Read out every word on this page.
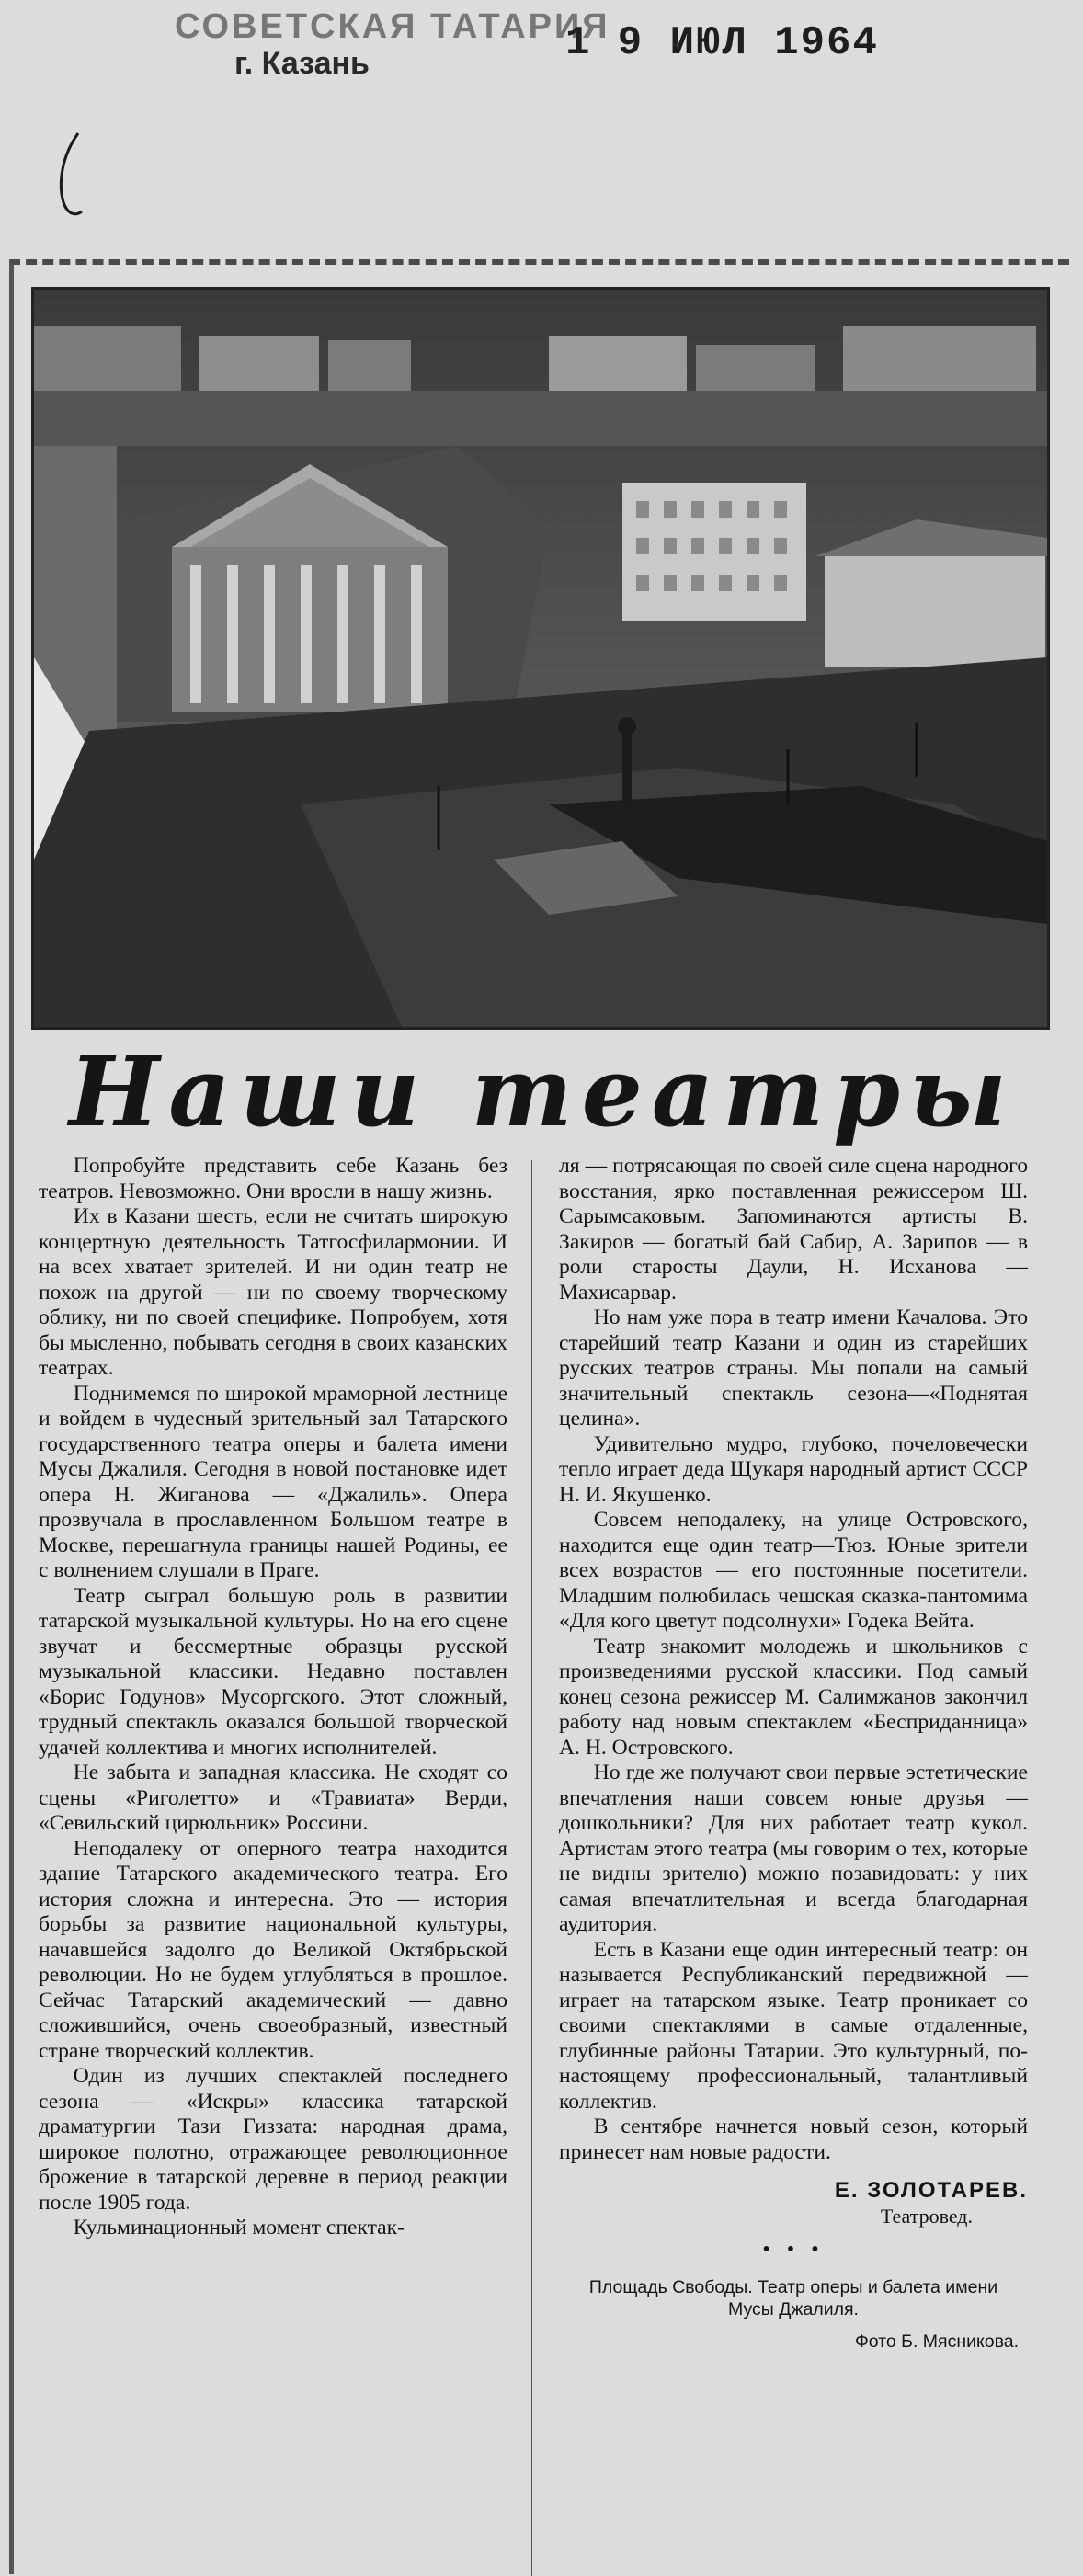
СОВЕТСКАЯ ТАТАРИЯ
г. Казань	1 9 ИЮЛ 1964
Наши театры

Попробуйте представить себе Казань без театров. Невозможно. Они вросли в нашу жизнь.

Их в Казани шесть, если не считать широкую концертную деятельность Татгосфилармонии. И на всех хватает зрителей. И ни один театр не похож на другой — ни по своему творческому облику, ни по своей специфике. Попробуем, хотя бы мысленно, побывать сегодня в своих казанских театрах.

Поднимемся по широкой мраморной лестнице и войдем в чудесный зрительный зал Татарского государственного театра оперы и балета имени Мусы Джалиля. Сегодня в новой постановке идет опера Н. Жиганова — «Джалиль». Опера прозвучала в прославленном Большом театре в Москве, перешагнула границы нашей Родины, ее с волнением слушали в Праге.

Театр сыграл большую роль в развитии татарской музыкальной культуры. Но на его сцене звучат и бессмертные образцы русской музыкальной классики. Недавно поставлен «Борис Годунов» Мусоргского. Этот сложный, трудный спектакль оказался большой творческой удачей коллектива и многих исполнителей.

Не забыта и западная классика. Не сходят со сцены «Риголетто» и «Травиата» Верди, «Севильский цирюльник» Россини.

Неподалеку от оперного театра находится здание Татарского академического театра. Его история сложна и интересна. Это — история борьбы за развитие национальной культуры, начавшейся задолго до Великой Октябрьской революции. Но не будем углубляться в прошлое. Сейчас Татарский академический — давно сложившийся, очень своеобразный, известный стране творческий коллектив.

Один из лучших спектаклей последнего сезона — «Искры» классика татарской драматургии Тази Гиззата: народная драма, широкое полотно, отражающее революционное брожение в татарской деревне в период реакции после 1905 года.

Кульминационный момент спектак-

ля — потрясающая по своей силе сцена народного восстания, ярко поставленная режиссером Ш. Сарымсаковым. Запоминаются артисты В. Закиров — богатый бай Сабир, А. Зарипов — в роли старосты Даули, Н. Исханова — Махисарвар.

Но нам уже пора в театр имени Качалова. Это старейший театр Казани и один из старейших русских театров страны. Мы попали на самый значительный спектакль сезона—«Поднятая целина».

Удивительно мудро, глубоко, почеловечески тепло играет деда Щукаря народный артист СССР Н. И. Якушенко.

Совсем неподалеку, на улице Островского, находится еще один театр—Тюз. Юные зрители всех возрастов — его постоянные посетители. Младшим полюбилась чешская сказка-пантомима «Для кого цветут подсолнухи» Годека Вейта.

Театр знакомит молодежь и школьников с произведениями русской классики. Под самый конец сезона режиссер М. Салимжанов закончил работу над новым спектаклем «Бесприданница» А. Н. Островского.

Но где же получают свои первые эстетические впечатления наши совсем юные друзья — дошкольники? Для них работает театр кукол. Артистам этого театра (мы говорим о тех, которые не видны зрителю) можно позавидовать: у них самая впечатлительная и всегда благодарная аудитория.

Есть в Казани еще один интересный театр: он называется Республиканский передвижной — играет на татарском языке. Театр проникает со своими спектаклями в самые отдаленные, глубинные районы Татарии. Это культурный, по-настоящему профессиональный, талантливый коллектив.

В сентябре начнется новый сезон, который принесет нам новые радости.

Е. ЗОЛОТАРЕВ.
Театровед.
• • •
Площадь Свободы. Театр оперы и балета имени Мусы Джалиля.
Фото Б. Мясникова.
